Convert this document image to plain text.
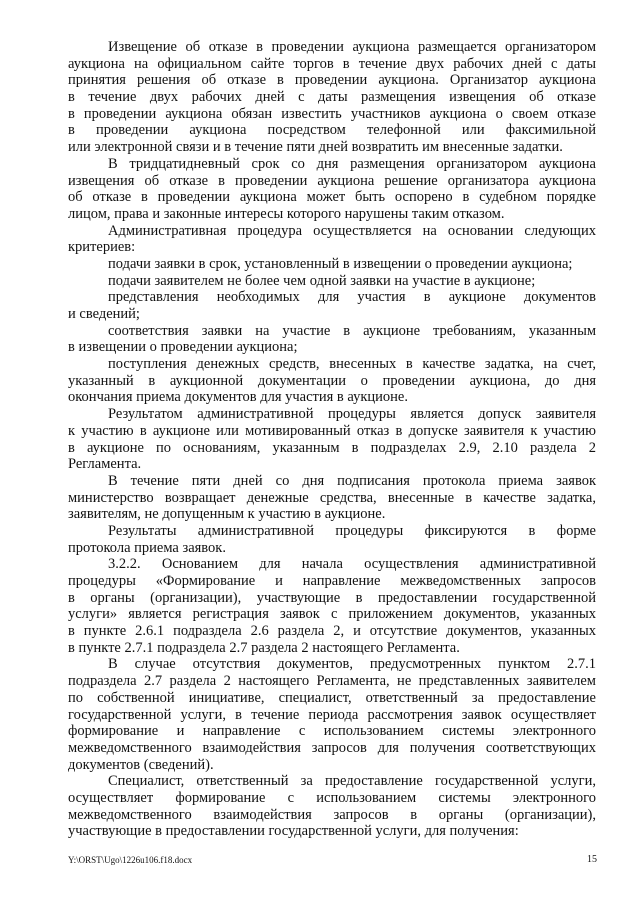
Извещение об отказе в проведении аукциона размещается организатором
аукциона на официальном сайте торгов в течение двух рабочих дней с даты
принятия решения об отказе в проведении аукциона. Организатор аукциона
в течение двух рабочих дней с даты размещения извещения об отказе
в проведении аукциона обязан известить участников аукциона о своем отказе
в проведении аукциона посредством телефонной или факсимильной
или электронной связи и в течение пяти дней возвратить им внесенные задатки.
В тридцатидневный срок со дня размещения организатором аукциона
извещения об отказе в проведении аукциона решение организатора аукциона
об отказе в проведении аукциона может быть оспорено в судебном порядке
лицом, права и законные интересы которого нарушены таким отказом.
Административная процедура осуществляется на основании следующих
критериев:
подачи заявки в срок, установленный в извещении о проведении аукциона;
подачи заявителем не более чем одной заявки на участие в аукционе;
представления необходимых для участия в аукционе документов
и сведений;
соответствия заявки на участие в аукционе требованиям, указанным
в извещении о проведении аукциона;
поступления денежных средств, внесенных в качестве задатка, на счет,
указанный в аукционной документации о проведении аукциона, до дня
окончания приема документов для участия в аукционе.
Результатом административной процедуры является допуск заявителя
к участию в аукционе или мотивированный отказ в допуске заявителя к участию
в аукционе по основаниям, указанным в подразделах 2.9, 2.10 раздела 2
Регламента.
В течение пяти дней со дня подписания протокола приема заявок
министерство возвращает денежные средства, внесенные в качестве задатка,
заявителям, не допущенным к участию в аукционе.
Результаты административной процедуры фиксируются в форме
протокола приема заявок.
3.2.2. Основанием для начала осуществления административной
процедуры «Формирование и направление межведомственных запросов
в органы (организации), участвующие в предоставлении государственной
услуги» является регистрация заявок с приложением документов, указанных
в пункте 2.6.1 подраздела 2.6 раздела 2, и отсутствие документов, указанных
в пункте 2.7.1 подраздела 2.7 раздела 2 настоящего Регламента.
В случае отсутствия документов, предусмотренных пунктом 2.7.1
подраздела 2.7 раздела 2 настоящего Регламента, не представленных заявителем
по собственной инициативе, специалист, ответственный за предоставление
государственной услуги, в течение периода рассмотрения заявок осуществляет
формирование и направление с использованием системы электронного
межведомственного взаимодействия запросов для получения соответствующих
документов (сведений).
Специалист, ответственный за предоставление государственной услуги,
осуществляет формирование с использованием системы электронного
межведомственного взаимодействия запросов в органы (организации),
участвующие в предоставлении государственной услуги, для получения:
Y:\ORST\Ugo\1226u106.f18.docx	15
